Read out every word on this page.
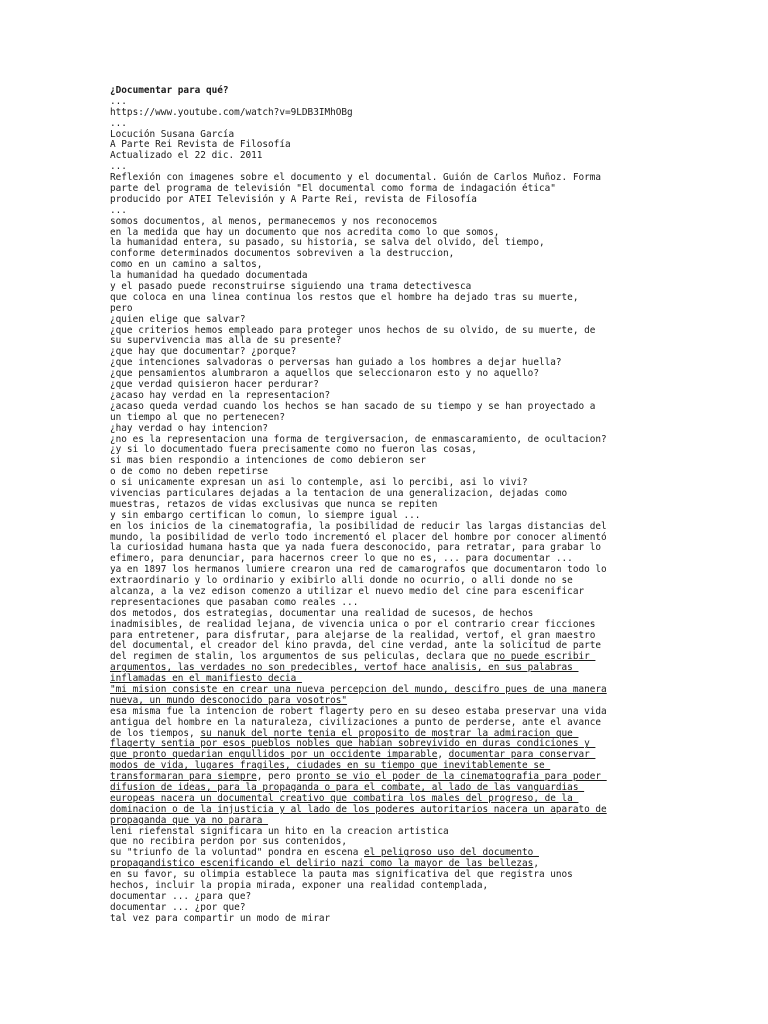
¿Documentar para qué?
...
https://www.youtube.com/watch?v=9LDB3IMhOBg
...
Locución Susana García
A Parte Rei Revista de Filosofía
Actualizado el 22 dic. 2011
...
Reflexión con imagenes sobre el documento y el documental. Guión de Carlos Muñoz. Forma
parte del programa de televisión "El documental como forma de indagación ética"
producido por ATEI Televisión y A Parte Rei, revista de Filosofía
...
somos documentos, al menos, permanecemos y nos reconocemos
en la medida que hay un documento que nos acredita como lo que somos,
la humanidad entera, su pasado, su historia, se salva del olvido, del tiempo,
conforme determinados documentos sobreviven a la destruccion,
como en un camino a saltos,
la humanidad ha quedado documentada
y el pasado puede reconstruirse siguiendo una trama detectivesca
que coloca en una linea continua los restos que el hombre ha dejado tras su muerte,
pero
¿quien elige que salvar?
¿que criterios hemos empleado para proteger unos hechos de su olvido, de su muerte, de
su supervivencia mas alla de su presente?
¿que hay que documentar? ¿porque?
¿que intenciones salvadoras o perversas han guiado a los hombres a dejar huella?
¿que pensamientos alumbraron a aquellos que seleccionaron esto y no aquello?
¿que verdad quisieron hacer perdurar?
¿acaso hay verdad en la representacion?
¿acaso queda verdad cuando los hechos se han sacado de su tiempo y se han proyectado a
un tiempo al que no pertenecen?
¿hay verdad o hay intencion?
¿no es la representacion una forma de tergiversacion, de enmascaramiento, de ocultacion?
¿y si lo documentado fuera precisamente como no fueron las cosas,
si mas bien respondio a intenciones de como debieron ser
o de como no deben repetirse
o si unicamente expresan un asi lo contemple, asi lo percibi, asi lo vivi?
vivencias particulares dejadas a la tentacion de una generalizacion, dejadas como
muestras, retazos de vidas exclusivas que nunca se repiten
y sin embargo certifican lo comun, lo siempre igual ...
en los inicios de la cinematografia, la posibilidad de reducir las largas distancias del
mundo, la posibilidad de verlo todo incrementó el placer del hombre por conocer alimentó
la curiosidad humana hasta que ya nada fuera desconocido, para retratar, para grabar lo
efimero, para denunciar, para hacernos creer lo que no es, ... para documentar ...
ya en 1897 los hermanos lumiere crearon una red de camarografos que documentaron todo lo
extraordinario y lo ordinario y exibirlo alli donde no ocurrio, o alli donde no se
alcanza, a la vez edison comenzo a utilizar el nuevo medio del cine para escenificar
representaciones que pasaban como reales ...
dos metodos, dos estrategias, documentar una realidad de sucesos, de hechos
inadmisibles, de realidad lejana, de vivencia unica o por el contrario crear ficciones
para entretener, para disfrutar, para alejarse de la realidad, vertof, el gran maestro
del documental, el creador del kino pravda, del cine verdad, ante la solicitud de parte
del regimen de stalin, los argumentos de sus peliculas, declara que no puede escribir
argumentos, las verdades no son predecibles, vertof hace analisis, en sus palabras
inflamadas en el manifiesto decia
"mi mision consiste en crear una nueva percepcion del mundo, descifro pues de una manera
nueva, un mundo desconocido para vosotros"
esa misma fue la intencion de robert flagerty pero en su deseo estaba preservar una vida
antigua del hombre en la naturaleza, civilizaciones a punto de perderse, ante el avance
de los tiempos, su nanuk del norte tenia el proposito de mostrar la admiracion que
flagerty sentia por esos pueblos nobles que habian sobrevivido en duras condiciones y
que pronto quedarian engullidos por un occidente imparable, documentar para conservar
modos de vida, lugares fragiles, ciudades en su tiempo que inevitablemente se
transformaran para siempre, pero pronto se vio el poder de la cinematografia para poder
difusion de ideas, para la propaganda o para el combate, al lado de las vanguardias
europeas nacera un documental creativo que combatira los males del progreso, de la
dominacion o de la injusticia y al lado de los poderes autoritarios nacera un aparato de
propaganda que ya no parara
leni riefenstal significara un hito en la creacion artistica
que no recibira perdon por sus contenidos,
su "triunfo de la voluntad" pondra en escena el peligroso uso del documento
propagandistico escenificando el delirio nazi como la mayor de las bellezas,
en su favor, su olimpia establece la pauta mas significativa del que registra unos
hechos, incluir la propia mirada, exponer una realidad contemplada,
documentar ... ¿para que?
documentar ... ¿por que?
tal vez para compartir un modo de mirar
